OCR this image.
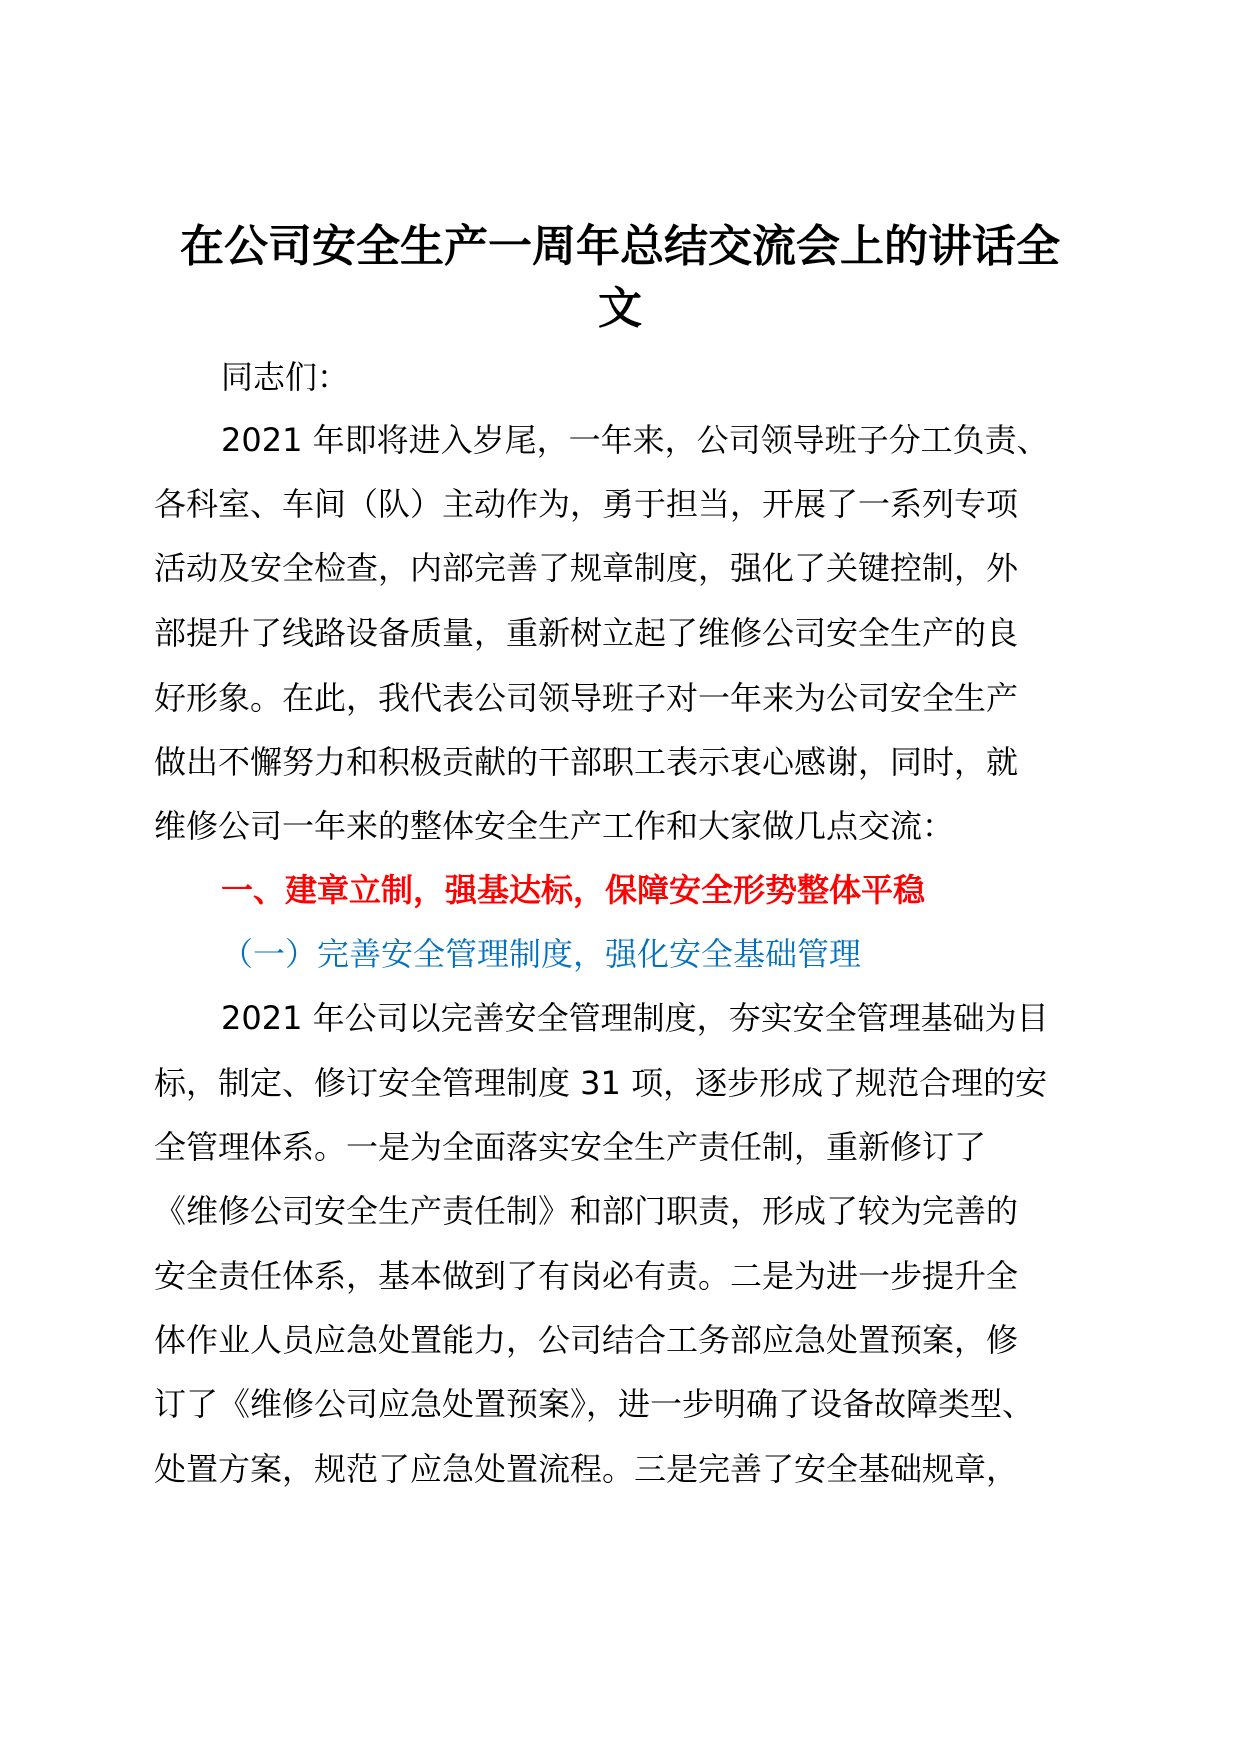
在公司安全生产一周年总结交流会上的讲话全
文

同志们：

2021 年即将进入岁尾，一年来，公司领导班子分工负责、

各科室、车间（队）主动作为，勇于担当，开展了一系列专项

活动及安全检查，内部完善了规章制度，强化了关键控制，外

部提升了线路设备质量，重新树立起了维修公司安全生产的良

好形象。在此，我代表公司领导班子对一年来为公司安全生产

做出不懈努力和积极贡献的干部职工表示衷心感谢，同时，就

维修公司一年来的整体安全生产工作和大家做几点交流：

一、建章立制，强基达标，保障安全形势整体平稳

（一）完善安全管理制度，强化安全基础管理

2021 年公司以完善安全管理制度，夯实安全管理基础为目

标，制定、修订安全管理制度 31 项，逐步形成了规范合理的安

全管理体系。一是为全面落实安全生产责任制，重新修订了

《维修公司安全生产责任制》和部门职责，形成了较为完善的

安全责任体系，基本做到了有岗必有责。二是为进一步提升全

体作业人员应急处置能力，公司结合工务部应急处置预案，修

订了《维修公司应急处置预案》，进一步明确了设备故障类型、

处置方案，规范了应急处置流程。三是完善了安全基础规章，
